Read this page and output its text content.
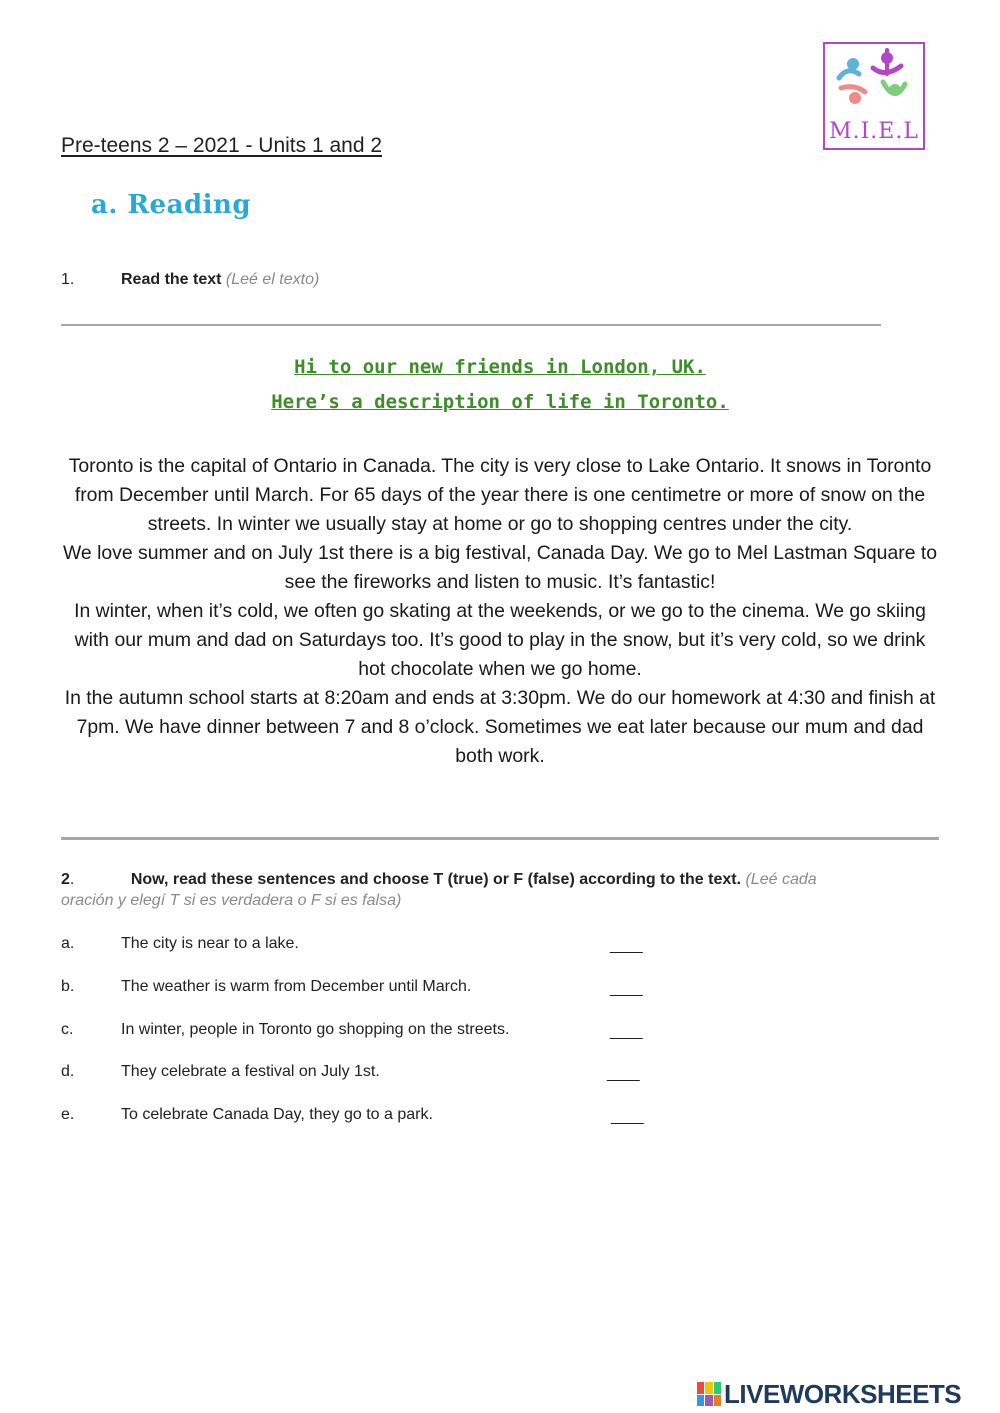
M.I.E.L
Pre-teens 2 – 2021 - Units 1 and 2
a. Reading
1.	Read the text (Leé el texto)
Hi to our new friends in London, UK.
Here’s a description of life in Toronto.

Toronto is the capital of Ontario in Canada. The city is very close to Lake Ontario. It snows in Toronto from December until March. For 65 days of the year there is one centimetre or more of snow on the streets. In winter we usually stay at home or go to shopping centres under the city.

We love summer and on July 1st there is a big festival, Canada Day. We go to Mel Lastman Square to see the fireworks and listen to music. It’s fantastic!

In winter, when it’s cold, we often go skating at the weekends, or we go to the cinema. We go skiing with our mum and dad on Saturdays too. It’s good to play in the snow, but it’s very cold, so we drink hot chocolate when we go home.

In the autumn school starts at 8:20am and ends at 3:30pm. We do our homework at 4:30 and finish at 7pm. We have dinner between 7 and 8 o’clock. Sometimes we eat later because our mum and dad both work.

2.	Now, read these sentences and choose T (true) or F (false) according to the text. (Leé cada
oración y elegí T si es verdadera o F si es falsa)
a.	The city is near to a lake.	____
b.	The weather is warm from December until March.	____
c.	In winter, people in Toronto go shopping on the streets.	____
d.	They celebrate a festival on July 1st.	____
e.	To celebrate Canada Day, they go to a park.	____
LIVEWORKSHEETS
